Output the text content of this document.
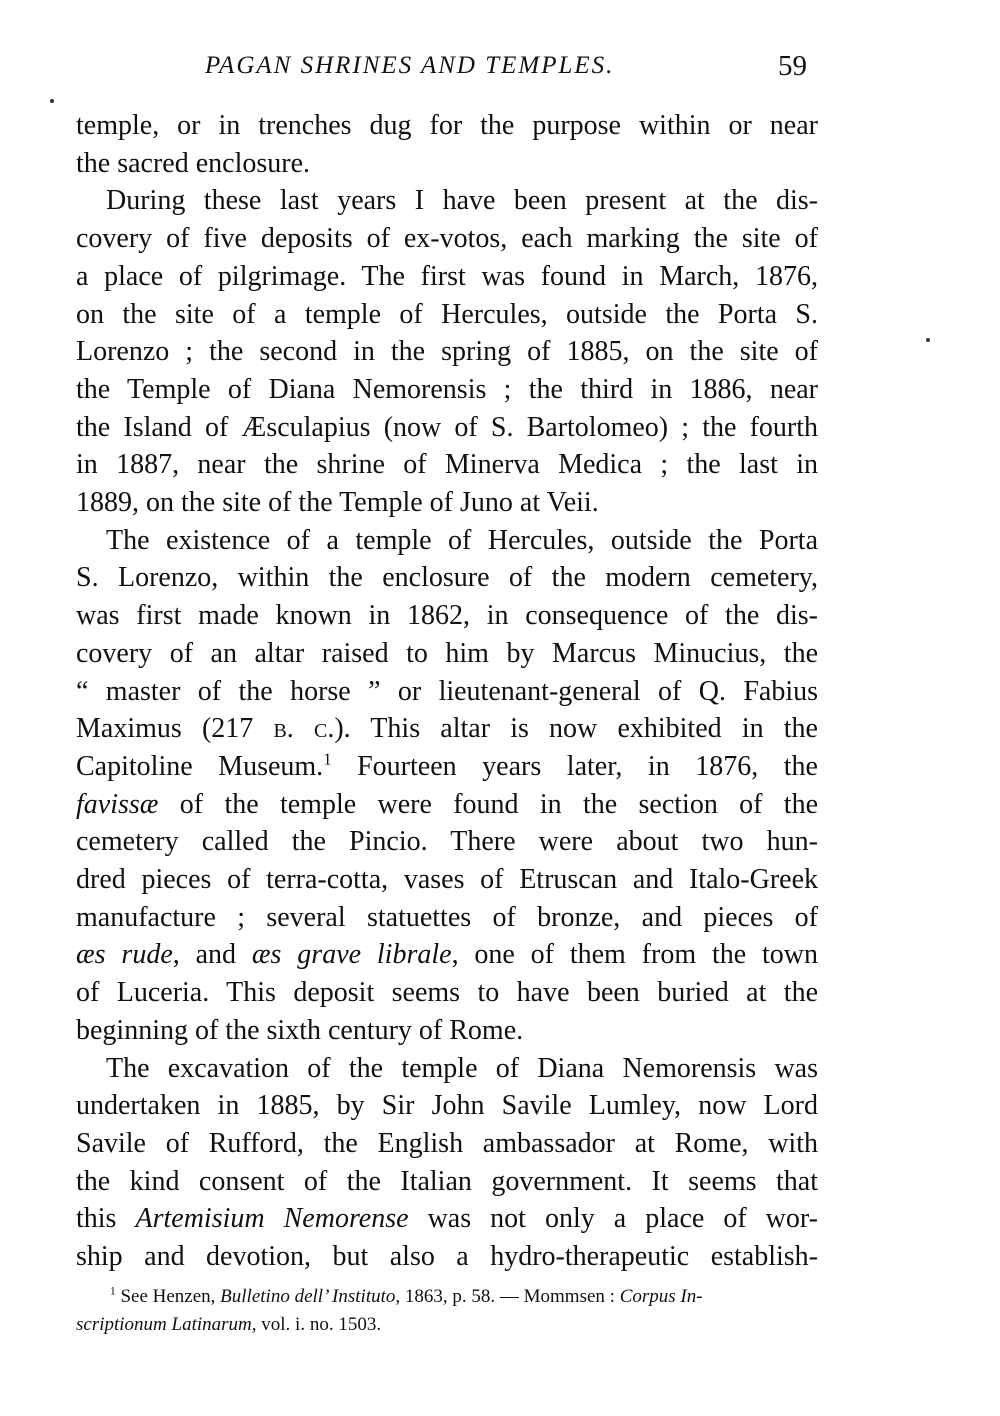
PAGAN SHRINES AND TEMPLES.	59

temple, or in trenches dug for the purpose within or near
the sacred enclosure.

During these last years I have been present at the dis-
covery of five deposits of ex-votos, each marking the site of
a place of pilgrimage. The first was found in March, 1876,
on the site of a temple of Hercules, outside the Porta S.
Lorenzo ; the second in the spring of 1885, on the site of
the Temple of Diana Nemorensis ; the third in 1886, near
the Island of Æsculapius (now of S. Bartolomeo) ; the fourth
in 1887, near the shrine of Minerva Medica ; the last in
1889, on the site of the Temple of Juno at Veii.

The existence of a temple of Hercules, outside the Porta
S. Lorenzo, within the enclosure of the modern cemetery,
was first made known in 1862, in consequence of the dis-
covery of an altar raised to him by Marcus Minucius, the
“ master of the horse ” or lieutenant-general of Q. Fabius
Maximus (217 b. c.). This altar is now exhibited in the
Capitoline Museum.$^1$ Fourteen years later, in 1876, the
favissæ of the temple were found in the section of the
cemetery called the Pincio. There were about two hun-
dred pieces of terra-cotta, vases of Etruscan and Italo-Greek
manufacture ; several statuettes of bronze, and pieces of
æs rude, and æs grave librale, one of them from the town
of Luceria. This deposit seems to have been buried at the
beginning of the sixth century of Rome.

The excavation of the temple of Diana Nemorensis was
undertaken in 1885, by Sir John Savile Lumley, now Lord
Savile of Rufford, the English ambassador at Rome, with
the kind consent of the Italian government. It seems that
this Artemisium Nemorense was not only a place of wor-
ship and devotion, but also a hydro-therapeutic establish-

$^1$ See Henzen, Bulletino dell’ Instituto, 1863, p. 58. — Mommsen : Corpus In-
scriptionum Latinarum, vol. i. no. 1503.
